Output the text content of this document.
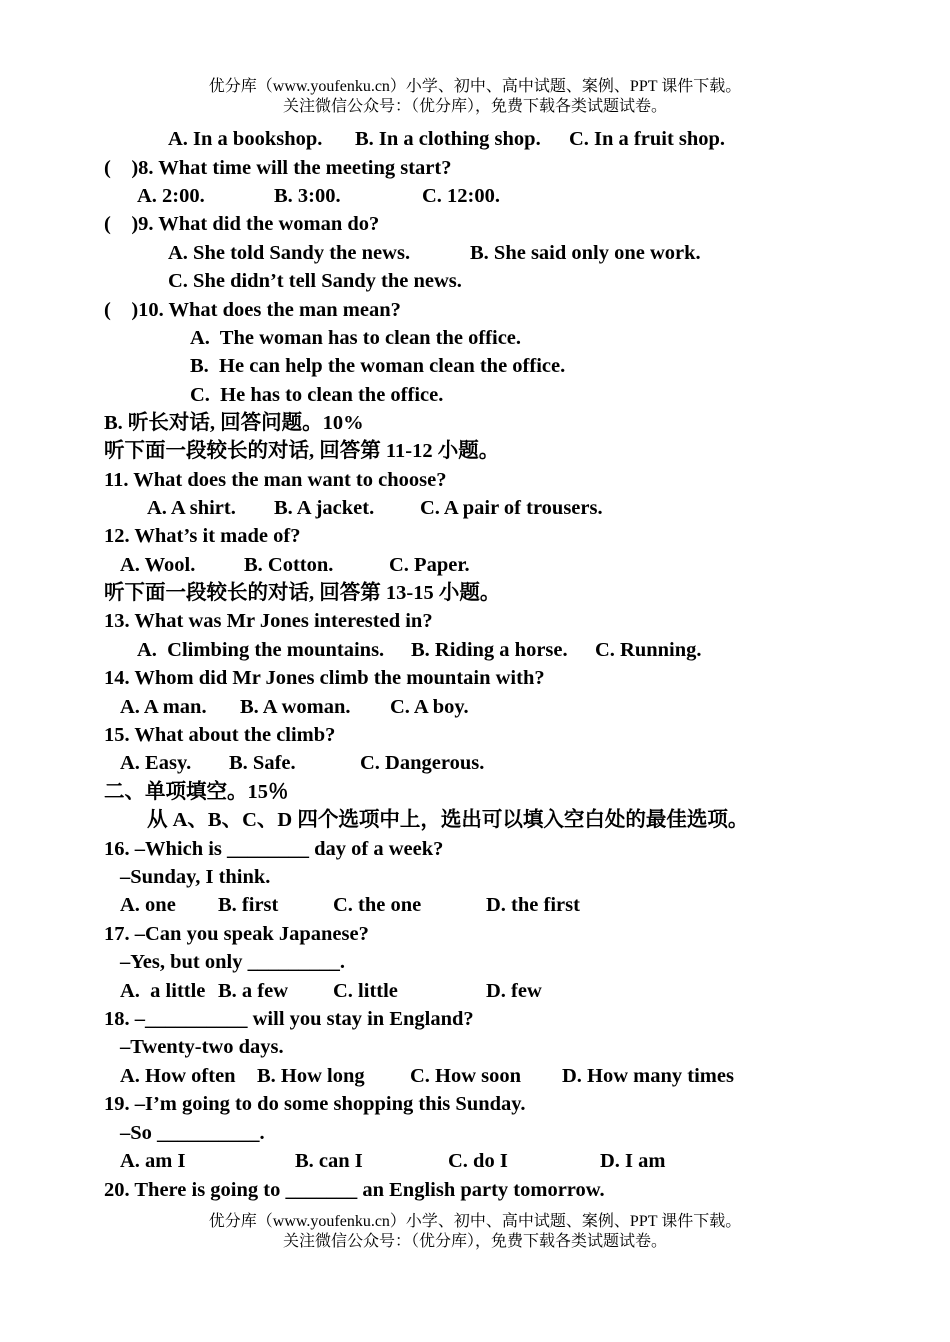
优分库（www.youfenku.cn）小学、初中、高中试题、案例、PPT 课件下载。
关注微信公众号：（优分库），免费下载各类试题试卷。
A. In a bookshop. B. In a clothing shop. C. In a fruit shop.
(    )8. What time will the meeting start?
A. 2:00.	B. 3:00.	C. 12:00.
(    )9. What did the woman do?
A. She told Sandy the news.	B. She said only one work.
C. She didn’t tell Sandy the news.
(    )10. What does the man mean?
A.  The woman has to clean the office.
B.  He can help the woman clean the office.
C.  He has to clean the office.
B. 听长对话, 回答问题。10%
听下面一段较长的对话, 回答第 11-12 小题。
11. What does the man want to choose?
A. A shirt. B. A jacket. C. A pair of trousers.
12. What’s it made of?
A. Wool. B. Cotton.	C. Paper.
听下面一段较长的对话, 回答第 13-15 小题。
13. What was Mr Jones interested in?
A.  Climbing the mountains. B. Riding a horse. C. Running.
14. Whom did Mr Jones climb the mountain with?
A. A man. B. A woman. C. A boy.
15. What about the climb?
A. Easy. B. Safe.	C. Dangerous.
二、单项填空。15％
从 A、B、C、D 四个选项中上，选出可以填入空白处的最佳选项。
16. –Which is ________ day of a week?
–Sunday, I think.
A. one B. first	C. the one	D. the first
17. –Can you speak Japanese?
–Yes, but only _________.
A.  a little B. a few C. little	D. few
18. –__________ will you stay in England?
–Twenty-two days.
A. How often B. How long C. How soon D. How many times
19. –I’m going to do some shopping this Sunday.
–So __________.
A. am I	B. can I	C. do I	D. I am
20. There is going to _______ an English party tomorrow.
优分库（www.youfenku.cn）小学、初中、高中试题、案例、PPT 课件下载。
关注微信公众号：（优分库），免费下载各类试题试卷。
